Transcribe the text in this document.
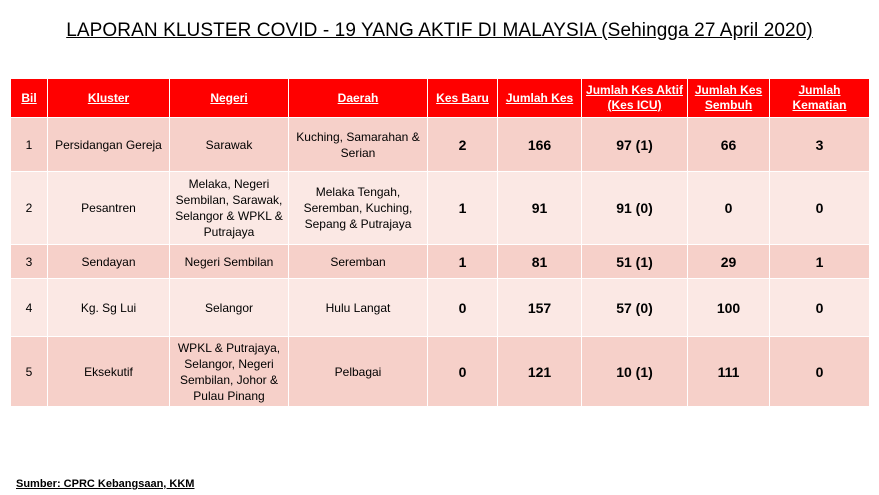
LAPORAN KLUSTER COVID - 19 YANG AKTIF DI MALAYSIA (Sehingga 27 April 2020)
Bil	Kluster	Negeri	Daerah	Kes Baru	Jumlah Kes	Jumlah Kes Aktif (Kes ICU)	Jumlah Kes Sembuh	Jumlah Kematian
1	Persidangan Gereja	Sarawak	Kuching, Samarahan & Serian	2	166	97 (1)	66	3
2	Pesantren	Melaka, Negeri Sembilan, Sarawak, Selangor & WPKL & Putrajaya	Melaka Tengah, Seremban, Kuching, Sepang & Putrajaya	1	91	91 (0)	0	0
3	Sendayan	Negeri Sembilan	Seremban	1	81	51 (1)	29	1
4	Kg. Sg Lui	Selangor	Hulu Langat	0	157	57 (0)	100	0
5	Eksekutif	WPKL & Putrajaya, Selangor, Negeri Sembilan, Johor & Pulau Pinang	Pelbagai	0	121	10 (1)	111	0
Sumber: CPRC Kebangsaan, KKM
